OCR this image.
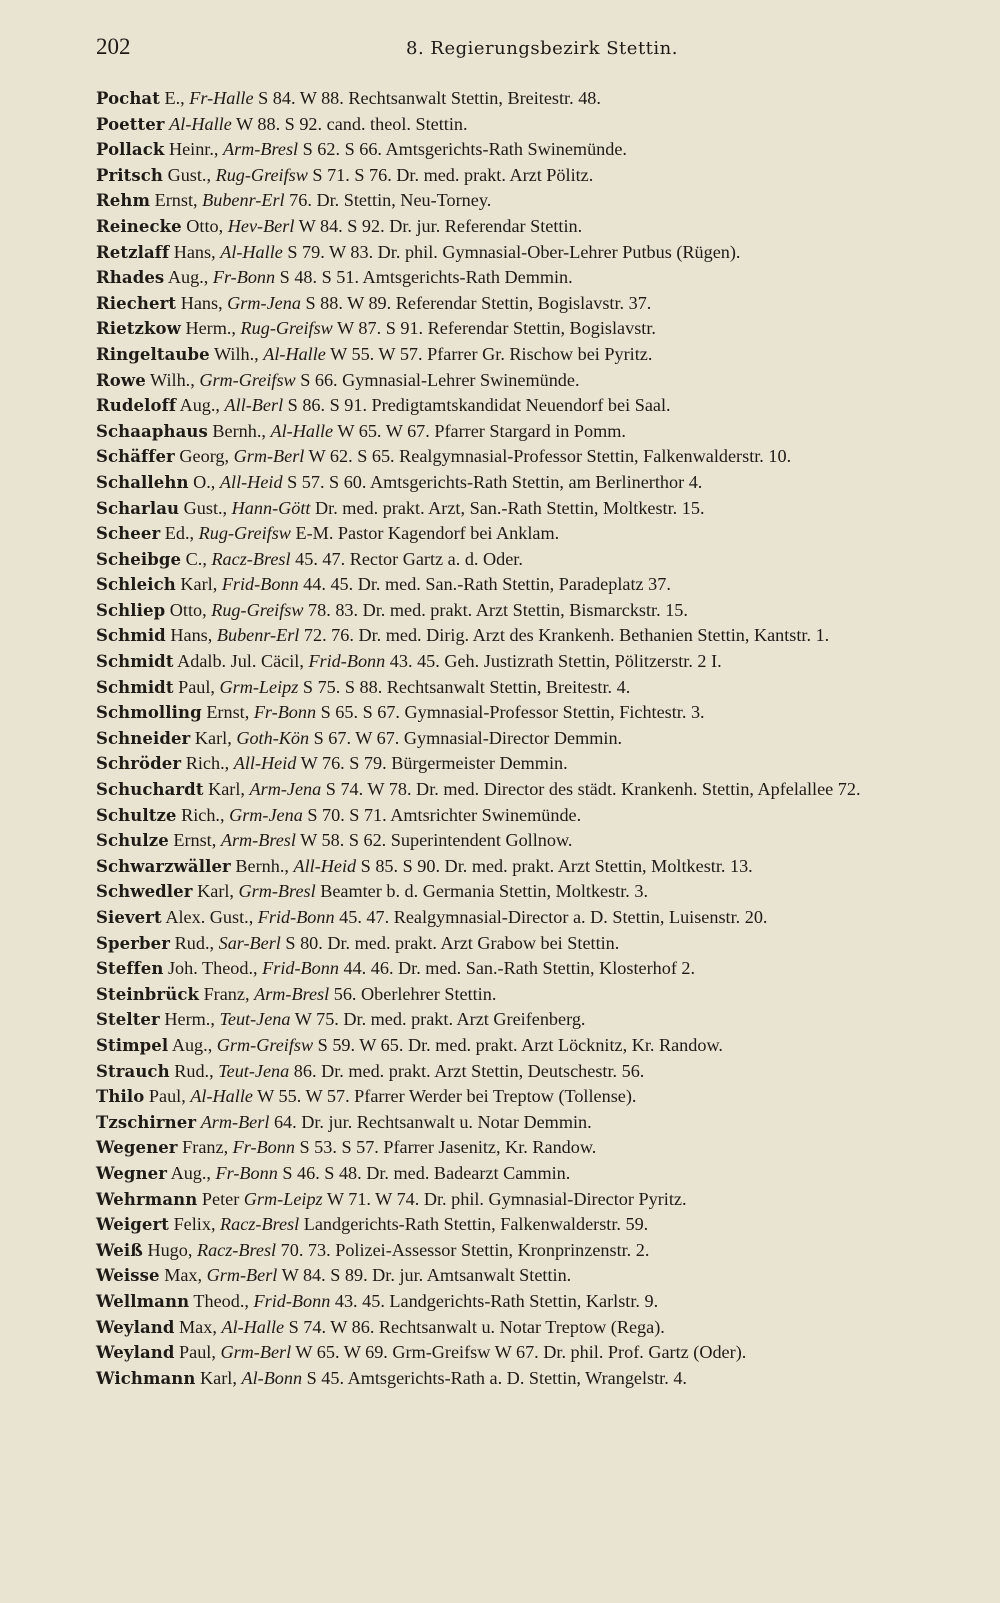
202	8. Regierungsbezirk Stettin.
Pochat E., Fr-Halle S 84. W 88. Rechtsanwalt Stettin, Breitestr. 48.
Poetter Al-Halle W 88. S 92. cand. theol. Stettin.
Pollack Heinr., Arm-Bresl S 62. S 66. Amtsgerichts-Rath Swinemünde.
Pritsch Gust., Rug-Greifsw S 71. S 76. Dr. med. prakt. Arzt Pölitz.
Rehm Ernst, Bubenr-Erl 76. Dr. Stettin, Neu-Torney.
Reinecke Otto, Hev-Berl W 84. S 92. Dr. jur. Referendar Stettin.
Retzlaff Hans, Al-Halle S 79. W 83. Dr. phil. Gymnasial-Ober-Lehrer Putbus (Rügen).
Rhades Aug., Fr-Bonn S 48. S 51. Amtsgerichts-Rath Demmin.
Riechert Hans, Grm-Jena S 88. W 89. Referendar Stettin, Bogislavstr. 37.
Rietzkow Herm., Rug-Greifsw W 87. S 91. Referendar Stettin, Bogislavstr.
Ringeltaube Wilh., Al-Halle W 55. W 57. Pfarrer Gr. Rischow bei Pyritz.
Rowe Wilh., Grm-Greifsw S 66. Gymnasial-Lehrer Swinemünde.
Rudeloff Aug., All-Berl S 86. S 91. Predigtamtskandidat Neuendorf bei Saal.
Schaaphaus Bernh., Al-Halle W 65. W 67. Pfarrer Stargard in Pomm.
Schäffer Georg, Grm-Berl W 62. S 65. Realgymnasial-Professor Stettin, Falkenwalderstr. 10.
Schallehn O., All-Heid S 57. S 60. Amtsgerichts-Rath Stettin, am Berlinerthor 4.
Scharlau Gust., Hann-Gött Dr. med. prakt. Arzt, San.-Rath Stettin, Moltkestr. 15.
Scheer Ed., Rug-Greifsw E-M. Pastor Kagendorf bei Anklam.
Scheibge C., Racz-Bresl 45. 47. Rector Gartz a. d. Oder.
Schleich Karl, Frid-Bonn 44. 45. Dr. med. San.-Rath Stettin, Paradeplatz 37.
Schliep Otto, Rug-Greifsw 78. 83. Dr. med. prakt. Arzt Stettin, Bismarckstr. 15.
Schmid Hans, Bubenr-Erl 72. 76. Dr. med. Dirig. Arzt des Krankenh. Bethanien Stettin, Kantstr. 1.
Schmidt Adalb. Jul. Cäcil, Frid-Bonn 43. 45. Geh. Justizrath Stettin, Pölitzerstr. 2 I.
Schmidt Paul, Grm-Leipz S 75. S 88. Rechtsanwalt Stettin, Breitestr. 4.
Schmolling Ernst, Fr-Bonn S 65. S 67. Gymnasial-Professor Stettin, Fichtestr. 3.
Schneider Karl, Goth-Kön S 67. W 67. Gymnasial-Director Demmin.
Schröder Rich., All-Heid W 76. S 79. Bürgermeister Demmin.
Schuchardt Karl, Arm-Jena S 74. W 78. Dr. med. Director des städt. Krankenh. Stettin, Apfelallee 72.
Schultze Rich., Grm-Jena S 70. S 71. Amtsrichter Swinemünde.
Schulze Ernst, Arm-Bresl W 58. S 62. Superintendent Gollnow.
Schwarzwäller Bernh., All-Heid S 85. S 90. Dr. med. prakt. Arzt Stettin, Moltkestr. 13.
Schwedler Karl, Grm-Bresl Beamter b. d. Germania Stettin, Moltkestr. 3.
Sievert Alex. Gust., Frid-Bonn 45. 47. Realgymnasial-Director a. D. Stettin, Luisenstr. 20.
Sperber Rud., Sar-Berl S 80. Dr. med. prakt. Arzt Grabow bei Stettin.
Steffen Joh. Theod., Frid-Bonn 44. 46. Dr. med. San.-Rath Stettin, Klosterhof 2.
Steinbrück Franz, Arm-Bresl 56. Oberlehrer Stettin.
Stelter Herm., Teut-Jena W 75. Dr. med. prakt. Arzt Greifenberg.
Stimpel Aug., Grm-Greifsw S 59. W 65. Dr. med. prakt. Arzt Löcknitz, Kr. Randow.
Strauch Rud., Teut-Jena 86. Dr. med. prakt. Arzt Stettin, Deutschestr. 56.
Thilo Paul, Al-Halle W 55. W 57. Pfarrer Werder bei Treptow (Tollense).
Tzschirner Arm-Berl 64. Dr. jur. Rechtsanwalt u. Notar Demmin.
Wegener Franz, Fr-Bonn S 53. S 57. Pfarrer Jasenitz, Kr. Randow.
Wegner Aug., Fr-Bonn S 46. S 48. Dr. med. Badearzt Cammin.
Wehrmann Peter Grm-Leipz W 71. W 74. Dr. phil. Gymnasial-Director Pyritz.
Weigert Felix, Racz-Bresl Landgerichts-Rath Stettin, Falkenwalderstr. 59.
Weiß Hugo, Racz-Bresl 70. 73. Polizei-Assessor Stettin, Kronprinzenstr. 2.
Weisse Max, Grm-Berl W 84. S 89. Dr. jur. Amtsanwalt Stettin.
Wellmann Theod., Frid-Bonn 43. 45. Landgerichts-Rath Stettin, Karlstr. 9.
Weyland Max, Al-Halle S 74. W 86. Rechtsanwalt u. Notar Treptow (Rega).
Weyland Paul, Grm-Berl W 65. W 69. Grm-Greifsw W 67. Dr. phil. Prof. Gartz (Oder).
Wichmann Karl, Al-Bonn S 45. Amtsgerichts-Rath a. D. Stettin, Wrangelstr. 4.
